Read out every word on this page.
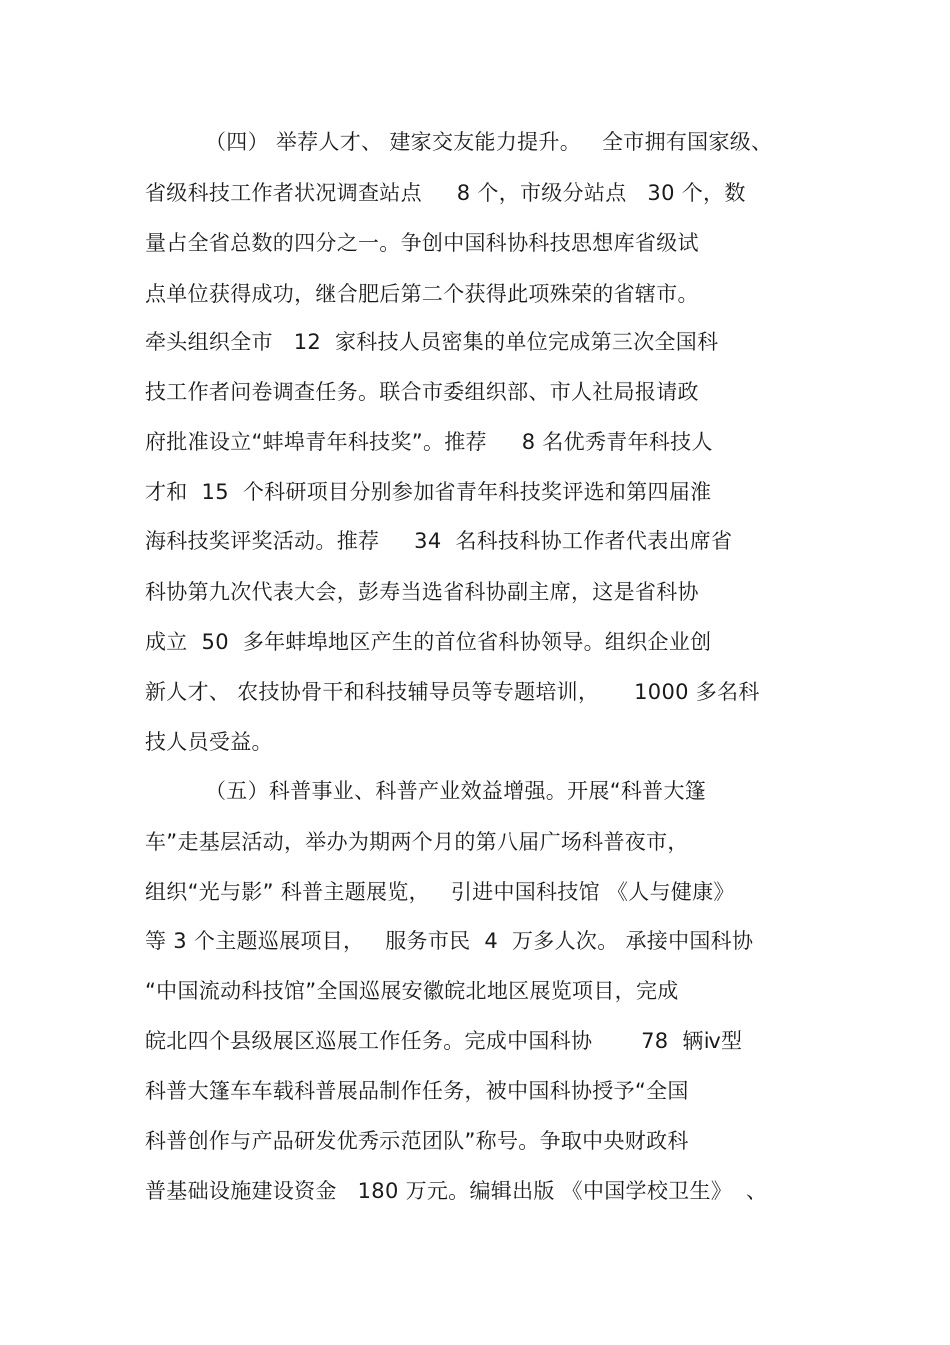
（四） 举荐人才、 建家交友能力提升。   全市拥有国家级、
省级科技工作者状况调查站点     8 个，市级分站点   30 个，数
量占全省总数的四分之一。争创中国科协科技思想库省级试
点单位获得成功，继合肥后第二个获得此项殊荣的省辖市。
牵头组织全市   12  家科技人员密集的单位完成第三次全国科
技工作者问卷调查任务。联合市委组织部、市人社局报请政
府批准设立“蚌埠青年科技奖”。推荐     8 名优秀青年科技人
才和  15  个科研项目分别参加省青年科技奖评选和第四届淮
海科技奖评奖活动。推荐     34  名科技科协工作者代表出席省
科协第九次代表大会，彭寿当选省科协副主席，这是省科协
成立  50  多年蚌埠地区产生的首位省科协领导。组织企业创
新人才、 农技协骨干和科技辅导员等专题培训，     1000 多名科
技人员受益。
（五）科普事业、科普产业效益增强。开展“科普大篷
车”走基层活动，举办为期两个月的第八届广场科普夜市，
组织“光与影” 科普主题展览，   引进中国科技馆 《人与健康》
等 3 个主题巡展项目，   服务市民  4  万多人次。 承接中国科协
“中国流动科技馆”全国巡展安徽皖北地区展览项目，完成
皖北四个县级展区巡展工作任务。完成中国科协       78  辆ⅳ型
科普大篷车车载科普展品制作任务，被中国科协授予“全国
科普创作与产品研发优秀示范团队”称号。争取中央财政科
普基础设施建设资金   180 万元。编辑出版 《中国学校卫生》  、
